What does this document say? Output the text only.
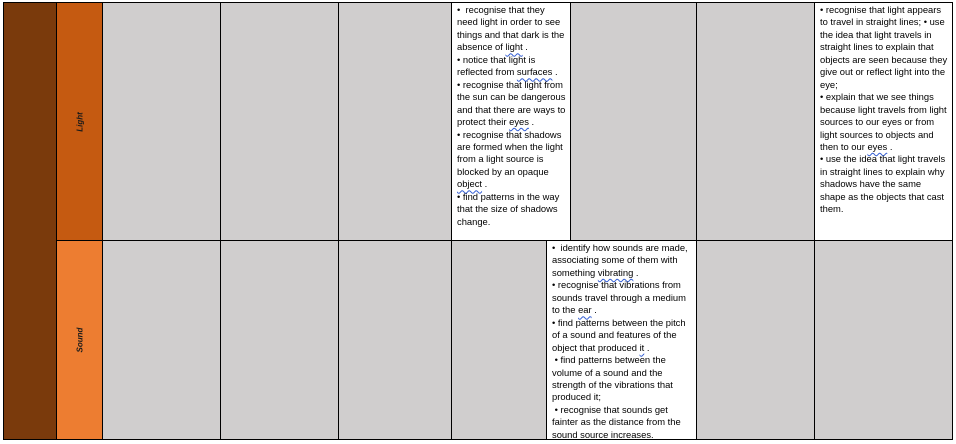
Light

•  recognise that they need light in order to see things and that dark is the absence of light .

• notice that light is reflected from surfaces .

• recognise that light from the sun can be dangerous and that there are ways to protect their eyes .

• recognise that shadows are formed when the light from a light source is blocked by an opaque object .

• find patterns in the way that the size of shadows change.

• recognise that light appears to travel in straight lines; • use the idea that light travels in straight lines to explain that objects are seen because they give out or reflect light into the eye;

• explain that we see things because light travels from light sources to our eyes or from light sources to objects and then to our eyes .

• use the idea that light travels in straight lines to explain why shadows have the same shape as the objects that cast them.

Sound

•  identify how sounds are made, associating some of them with something vibrating .

• recognise that vibrations from sounds travel through a medium to the ear .

• find patterns between the pitch of a sound and features of the object that produced it .

• find patterns between the volume of a sound and the strength of the vibrations that produced it;

• recognise that sounds get fainter as the distance from the sound source increases.
